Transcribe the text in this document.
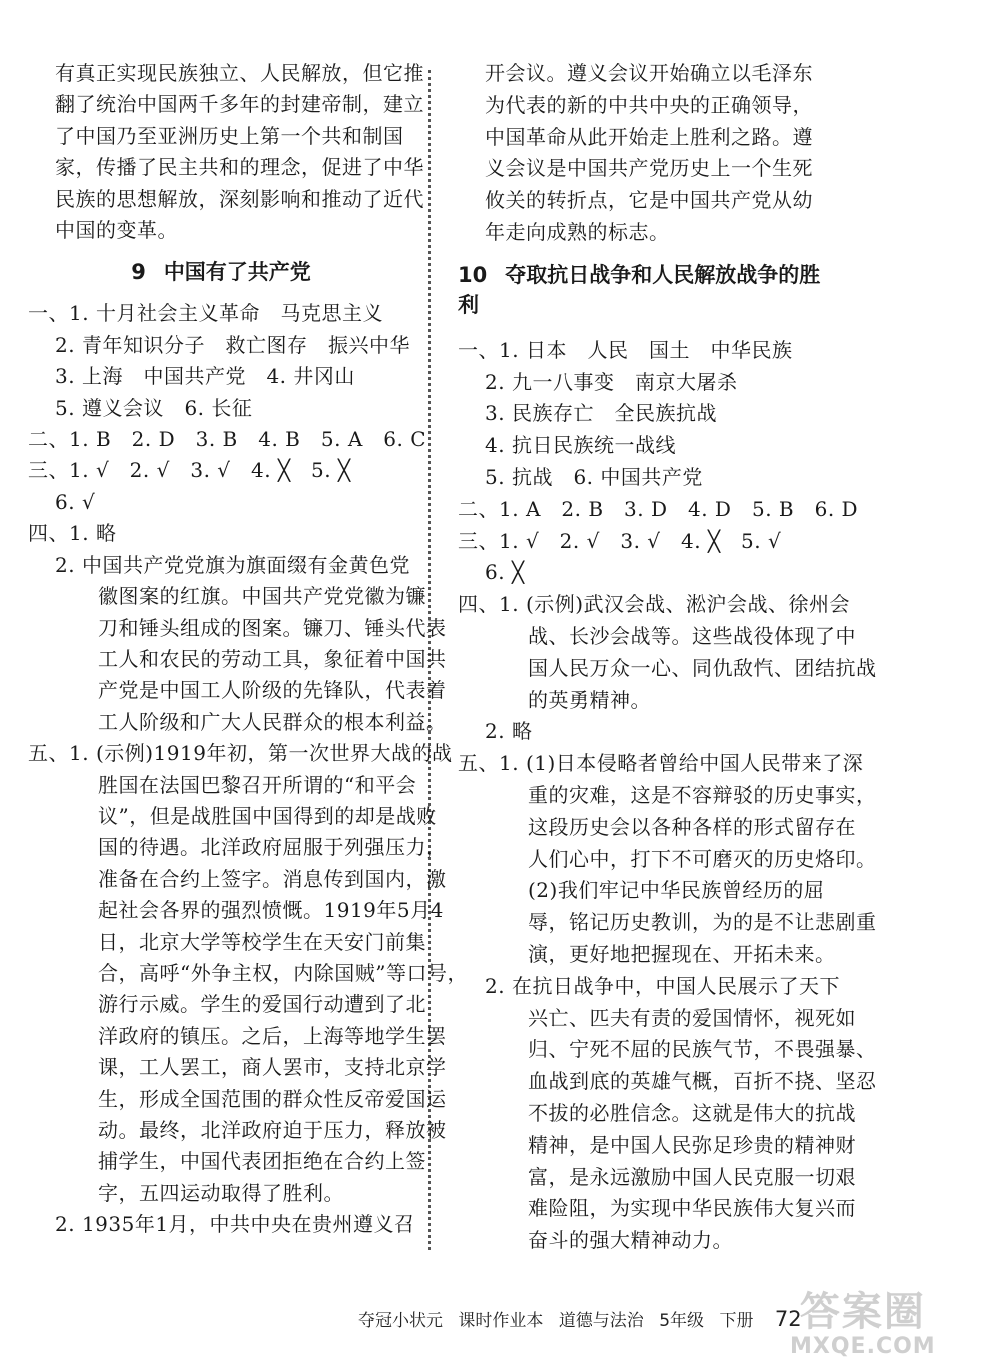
有真正实现民族独立、人民解放，但它推
翻了统治中国两千多年的封建帝制，建立
了中国乃至亚洲历史上第一个共和制国
家，传播了民主共和的理念，促进了中华
民族的思想解放，深刻影响和推动了近代
中国的变革。
9 中国有了共产党
一、1. 十月社会主义革命　马克思主义
2. 青年知识分子　救亡图存　振兴中华
3. 上海　中国共产党　4. 井冈山
5. 遵义会议　6. 长征
二、1. B　2. D　3. B　4. B　5. A　6. C
三、1. √　2. √　3. √　4. ╳　5. ╳
6. √
四、1. 略
2. 中国共产党党旗为旗面缀有金黄色党
徽图案的红旗。中国共产党党徽为镰
刀和锤头组成的图案。镰刀、锤头代表
工人和农民的劳动工具，象征着中国共
产党是中国工人阶级的先锋队，代表着
工人阶级和广大人民群众的根本利益。
五、1. (示例)1919年初，第一次世界大战的战
胜国在法国巴黎召开所谓的“和平会
议”，但是战胜国中国得到的却是战败
国的待遇。北洋政府屈服于列强压力，
准备在合约上签字。消息传到国内，激
起社会各界的强烈愤慨。1919年5月4
日，北京大学等校学生在天安门前集
合，高呼“外争主权，内除国贼”等口号，
游行示威。学生的爱国行动遭到了北
洋政府的镇压。之后，上海等地学生罢
课，工人罢工，商人罢市，支持北京学
生，形成全国范围的群众性反帝爱国运
动。最终，北洋政府迫于压力，释放被
捕学生，中国代表团拒绝在合约上签
字，五四运动取得了胜利。
2. 1935年1月，中共中央在贵州遵义召
开会议。遵义会议开始确立以毛泽东
为代表的新的中共中央的正确领导，
中国革命从此开始走上胜利之路。遵
义会议是中国共产党历史上一个生死
攸关的转折点，它是中国共产党从幼
年走向成熟的标志。
10 夺取抗日战争和人民解放战争的胜利
一、1. 日本　人民　国土　中华民族
2. 九一八事变　南京大屠杀
3. 民族存亡　全民族抗战
4. 抗日民族统一战线
5. 抗战　6. 中国共产党
二、1. A　2. B　3. D　4. D　5. B　6. D
三、1. √　2. √　3. √　4. ╳　5. √
6. ╳
四、1. (示例)武汉会战、淞沪会战、徐州会
战、长沙会战等。这些战役体现了中
国人民万众一心、同仇敌忾、团结抗战
的英勇精神。
2. 略
五、1. (1)日本侵略者曾给中国人民带来了深
重的灾难，这是不容辩驳的历史事实，
这段历史会以各种各样的形式留存在
人们心中，打下不可磨灭的历史烙印。
(2)我们牢记中华民族曾经历的屈
辱，铭记历史教训，为的是不让悲剧重
演，更好地把握现在、开拓未来。
2. 在抗日战争中，中国人民展示了天下
兴亡、匹夫有责的爱国情怀，视死如
归、宁死不屈的民族气节，不畏强暴、
血战到底的英雄气概，百折不挠、坚忍
不拔的必胜信念。这就是伟大的抗战
精神，是中国人民弥足珍贵的精神财
富，是永远激励中国人民克服一切艰
难险阻，为实现中华民族伟大复兴而
奋斗的强大精神动力。
夺冠小状元 课时作业本 道德与法治 5年级 下册 72
答案圈
MXQE.COM
